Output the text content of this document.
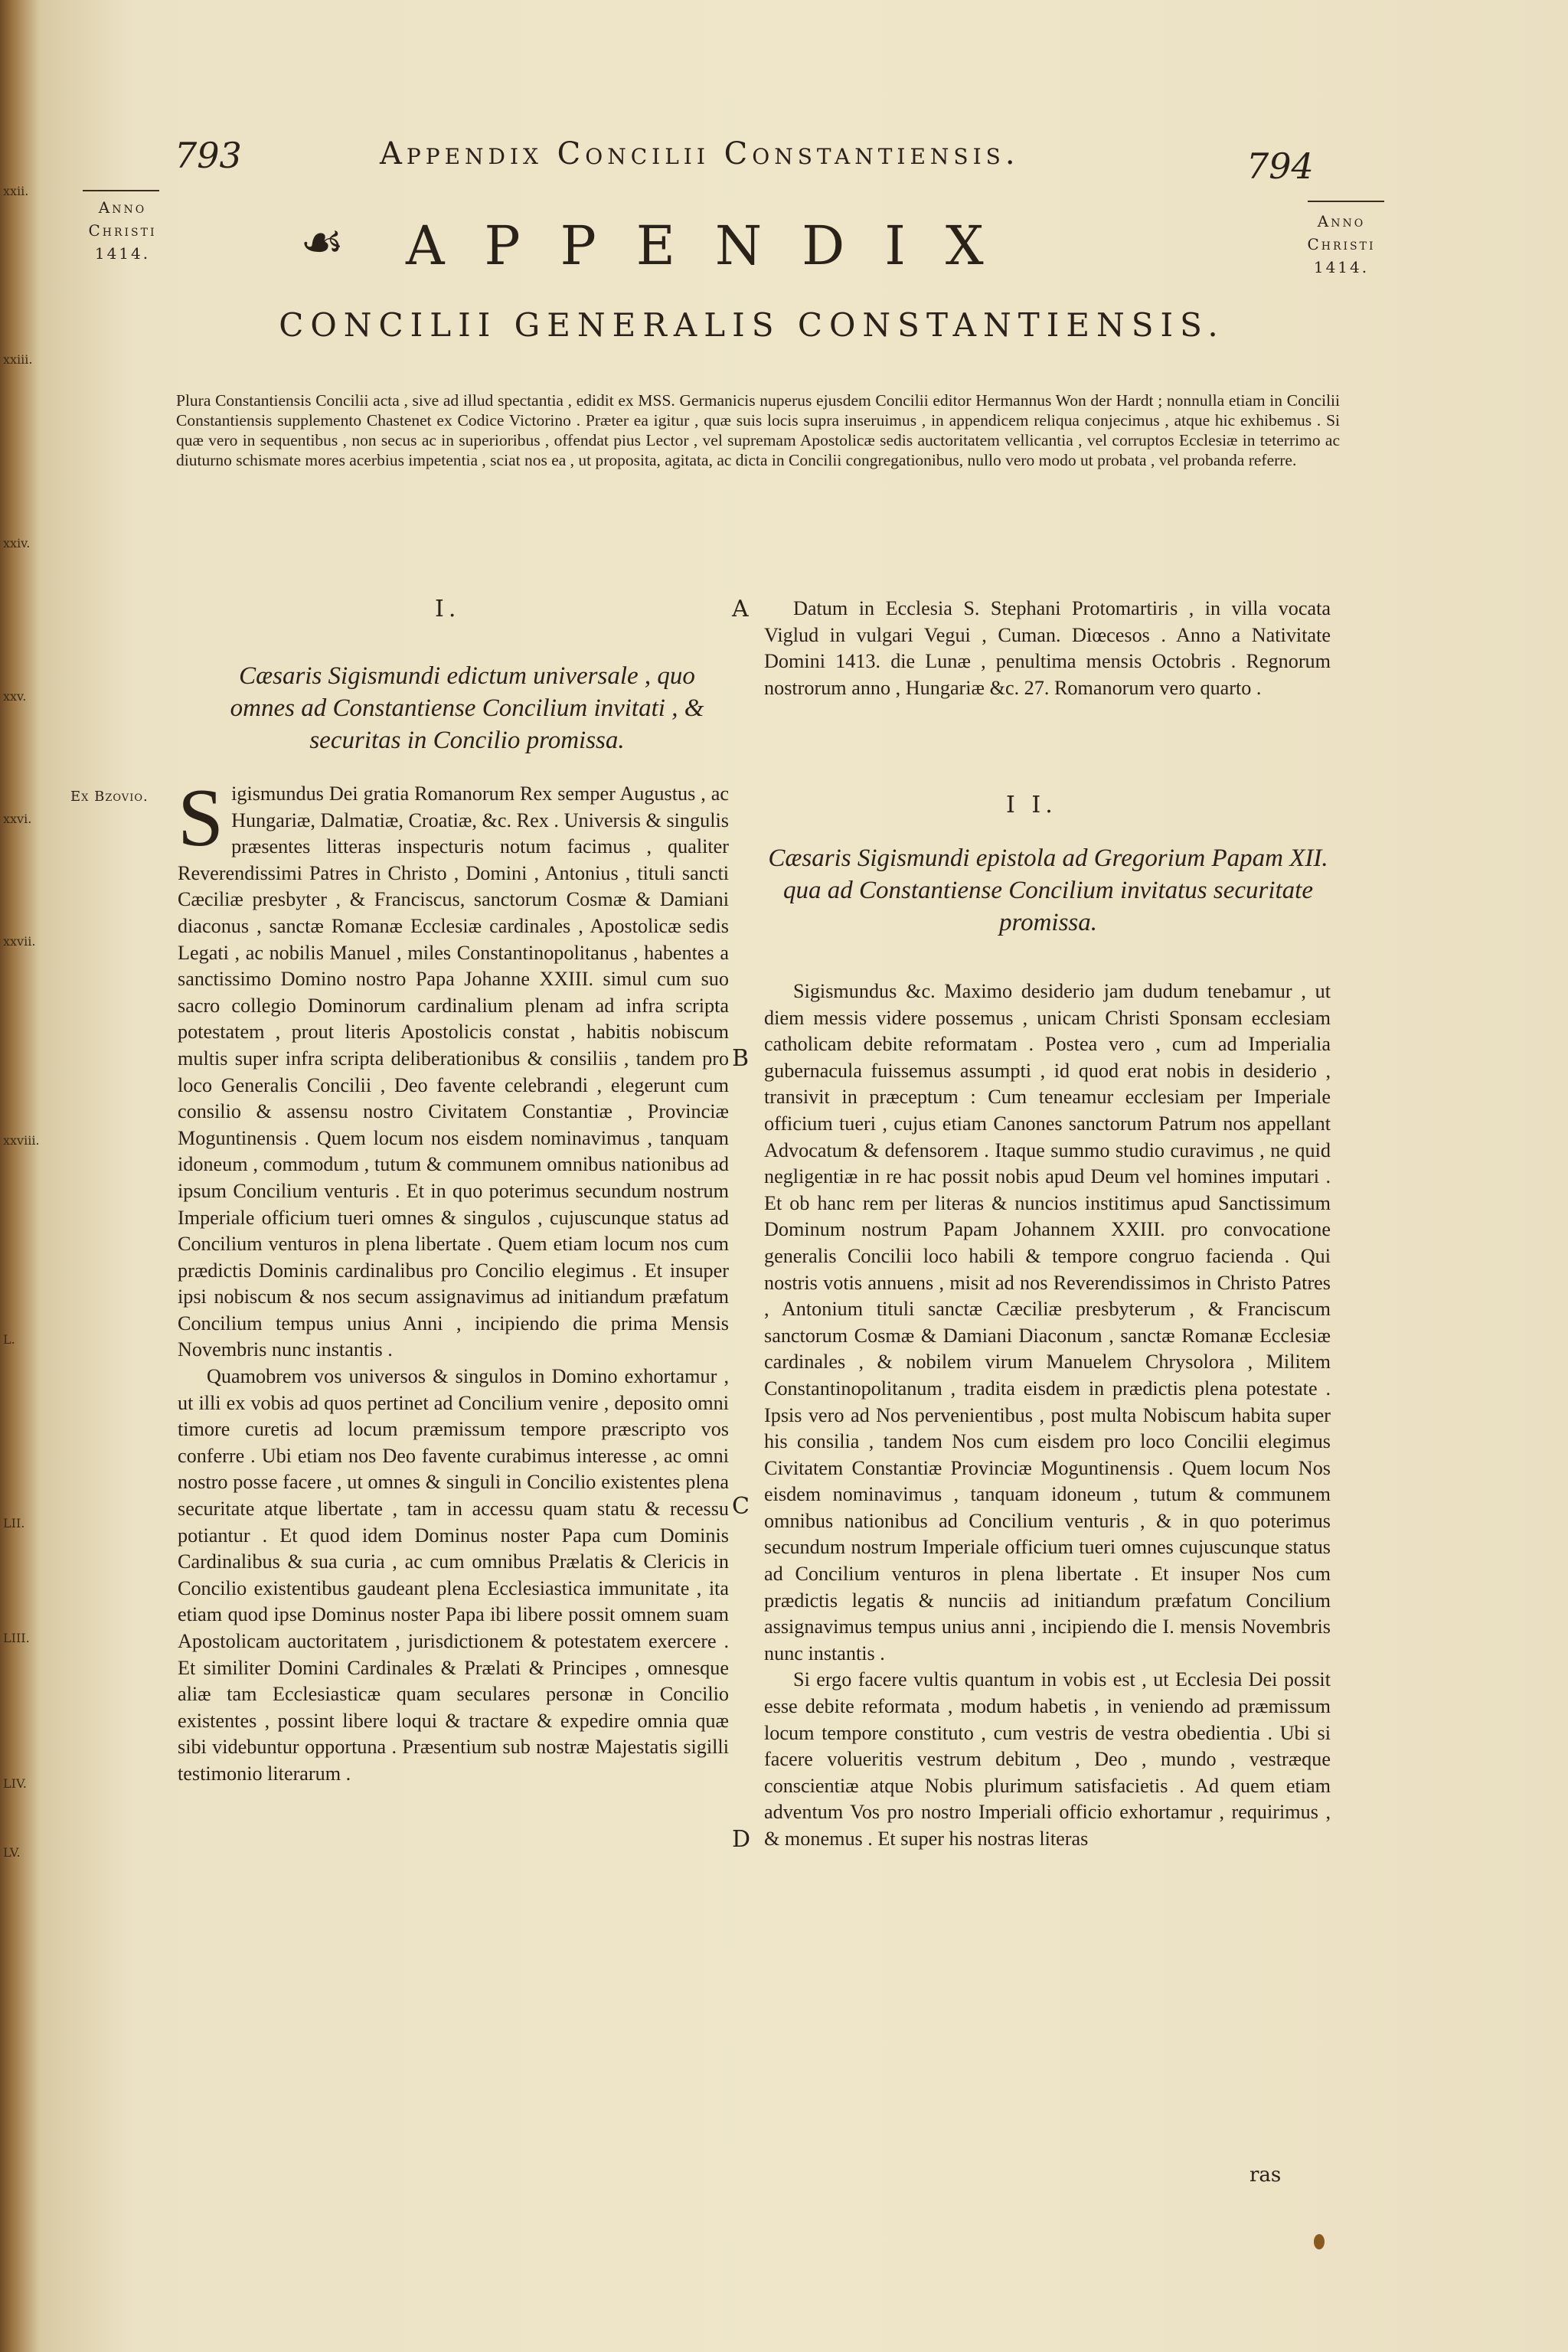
xxii.
xxiii.
xxiv.
xxv.
xxvi.
xxvii.
xxviii.
L.
LII.
LIII.
LIV.
LV.
793	Appendix Concilii Constantiensis.	794
Anno
Christi
1414.
Anno
Christi
1414.
☙ APPENDIX
CONCILII GENERALIS CONSTANTIENSIS.
Plura Constantiensis Concilii acta , sive ad illud spectantia , edidit ex MSS. Germanicis nuperus ejusdem Concilii editor Hermannus Won der Hardt ; nonnulla etiam in Concilii Constantiensis supplemento Chastenet ex Codice Victorino . Præter ea igitur , quæ suis locis supra inseruimus , in appendicem reliqua conjecimus , atque hic exhibemus . Si quæ vero in sequentibus , non secus ac in superioribus , offendat pius Lector , vel supremam Apostolicæ sedis auctoritatem vellicantia , vel corruptos Ecclesiæ in teterrimo ac diuturno schismate mores acerbius impetentia , sciat nos ea , ut proposita, agitata, ac dicta in Concilii congregationibus, nullo vero modo ut probata , vel probanda referre.
Ex Bzovio.
A
B
C
D
I.
Cæsaris Sigismundi edictum universale , quo omnes ad Constantiense Concilium invitati , & securitas in Concilio promissa.

Sigismundus Dei gratia Romanorum Rex semper Augustus , ac Hungariæ, Dalmatiæ, Croatiæ, &c. Rex . Universis & singulis præsentes litteras inspecturis notum facimus , qualiter Reverendissimi Patres in Christo , Domini , Antonius , tituli sancti Cæciliæ presbyter , & Franciscus, sanctorum Cosmæ & Damiani diaconus , sanctæ Romanæ Ecclesiæ cardinales , Apostolicæ sedis Legati , ac nobilis Manuel , miles Constantinopolitanus , habentes a sanctissimo Domino nostro Papa Johanne XXIII. simul cum suo sacro collegio Dominorum cardinalium plenam ad infra scripta potestatem , prout literis Apostolicis constat , habitis nobiscum multis super infra scripta deliberationibus & consiliis , tandem pro loco Generalis Concilii , Deo favente celebrandi , elegerunt cum consilio & assensu nostro Civitatem Constantiæ , Provinciæ Moguntinensis . Quem locum nos eisdem nominavimus , tanquam idoneum , commodum , tutum & communem omnibus nationibus ad ipsum Concilium venturis . Et in quo poterimus secundum nostrum Imperiale officium tueri omnes & singulos , cujuscunque status ad Concilium venturos in plena libertate . Quem etiam locum nos cum prædictis Dominis cardinalibus pro Concilio elegimus . Et insuper ipsi nobiscum & nos secum assignavimus ad initiandum præfatum Concilium tempus unius Anni , incipiendo die prima Mensis Novembris nunc instantis .

Quamobrem vos universos & singulos in Domino exhortamur , ut illi ex vobis ad quos pertinet ad Concilium venire , deposito omni timore curetis ad locum præmissum tempore præscripto vos conferre . Ubi etiam nos Deo favente curabimus interesse , ac omni nostro posse facere , ut omnes & singuli in Concilio existentes plena securitate atque libertate , tam in accessu quam statu & recessu potiantur . Et quod idem Dominus noster Papa cum Dominis Cardinalibus & sua curia , ac cum omnibus Prælatis & Clericis in Concilio existentibus gaudeant plena Ecclesiastica immunitate , ita etiam quod ipse Dominus noster Papa ibi libere possit omnem suam Apostolicam auctoritatem , jurisdictionem & potestatem exercere . Et similiter Domini Cardinales & Prælati & Principes , omnesque aliæ tam Ecclesiasticæ quam seculares personæ in Concilio existentes , possint libere loqui & tractare & expedire omnia quæ sibi videbuntur opportuna . Præsentium sub nostræ Majestatis sigilli testimonio literarum .

Datum in Ecclesia S. Stephani Protomartiris , in villa vocata Viglud in vulgari Vegui , Cuman. Diœcesos . Anno a Nativitate Domini 1413. die Lunæ , penultima mensis Octobris . Regnorum nostrorum anno , Hungariæ &c. 27. Romanorum vero quarto .

I I.
Cæsaris Sigismundi epistola ad Gregorium Papam XII. qua ad Constantiense Concilium invitatus securitate promissa.

Sigismundus &c. Maximo desiderio jam dudum tenebamur , ut diem messis videre possemus , unicam Christi Sponsam ecclesiam catholicam debite reformatam . Postea vero , cum ad Imperialia gubernacula fuissemus assumpti , id quod erat nobis in desiderio , transivit in præceptum : Cum teneamur ecclesiam per Imperiale officium tueri , cujus etiam Canones sanctorum Patrum nos appellant Advocatum & defensorem . Itaque summo studio curavimus , ne quid negligentiæ in re hac possit nobis apud Deum vel homines imputari . Et ob hanc rem per literas & nuncios institimus apud Sanctissimum Dominum nostrum Papam Johannem XXIII. pro convocatione generalis Concilii loco habili & tempore congruo facienda . Qui nostris votis annuens , misit ad nos Reverendissimos in Christo Patres , Antonium tituli sanctæ Cæciliæ presbyterum , & Franciscum sanctorum Cosmæ & Damiani Diaconum , sanctæ Romanæ Ecclesiæ cardinales , & nobilem virum Manuelem Chrysolora , Militem Constantinopolitanum , tradita eisdem in prædictis plena potestate . Ipsis vero ad Nos pervenientibus , post multa Nobiscum habita super his consilia , tandem Nos cum eisdem pro loco Concilii elegimus Civitatem Constantiæ Provinciæ Moguntinensis . Quem locum Nos eisdem nominavimus , tanquam idoneum , tutum & communem omnibus nationibus ad Concilium venturis , & in quo poterimus secundum nostrum Imperiale officium tueri omnes cujuscunque status ad Concilium venturos in plena libertate . Et insuper Nos cum prædictis legatis & nunciis ad initiandum præfatum Concilium assignavimus tempus unius anni , incipiendo die I. mensis Novembris nunc instantis .

Si ergo facere vultis quantum in vobis est , ut Ecclesia Dei possit esse debite reformata , modum habetis , in veniendo ad præmissum locum tempore constituto , cum vestris de vestra obedientia . Ubi si facere volueritis vestrum debitum , Deo , mundo , vestræque conscientiæ atque Nobis plurimum satisfacietis . Ad quem etiam adventum Vos pro nostro Imperiali officio exhortamur , requirimus , & monemus . Et super his nostras literas

ras
